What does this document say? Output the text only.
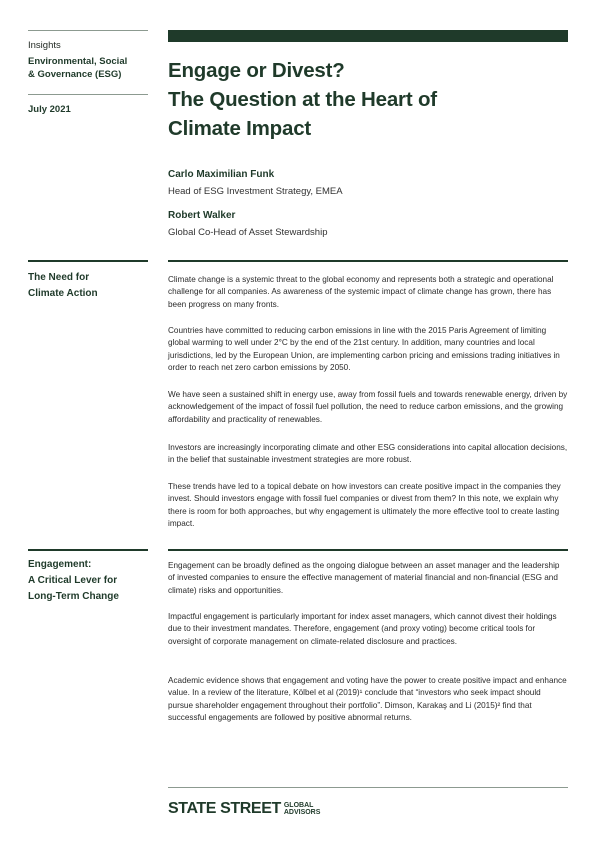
Insights
Environmental, Social
& Governance (ESG)
July 2021
Engage or Divest?
The Question at the Heart of
Climate Impact
Carlo Maximilian Funk
Head of ESG Investment Strategy, EMEA
Robert Walker
Global Co-Head of Asset Stewardship
The Need for
Climate Action

Climate change is a systemic threat to the global economy and represents both a strategic and operational challenge for all companies. As awareness of the systemic impact of climate change has grown, there has been progress on many fronts.

Countries have committed to reducing carbon emissions in line with the 2015 Paris Agreement of limiting global warming to well under 2°C by the end of the 21st century. In addition, many countries and local jurisdictions, led by the European Union, are implementing carbon pricing and emissions trading initiatives in order to reach net zero carbon emissions by 2050.

We have seen a sustained shift in energy use, away from fossil fuels and towards renewable energy, driven by acknowledgement of the impact of fossil fuel pollution, the need to reduce carbon emissions, and the growing affordability and practicality of renewables.

Investors are increasingly incorporating climate and other ESG considerations into capital allocation decisions, in the belief that sustainable investment strategies are more robust.

These trends have led to a topical debate on how investors can create positive impact in the companies they invest. Should investors engage with fossil fuel companies or divest from them? In this note, we explain why there is room for both approaches, but why engagement is ultimately the more effective tool to create lasting impact.

Engagement:
A Critical Lever for
Long-Term Change

Engagement can be broadly defined as the ongoing dialogue between an asset manager and the leadership of invested companies to ensure the effective management of material financial and non-financial (ESG and climate) risks and opportunities.

Impactful engagement is particularly important for index asset managers, which cannot divest their holdings due to their investment mandates. Therefore, engagement (and proxy voting) become critical tools for oversight of corporate management on climate-related disclosure and practices.

Academic evidence shows that engagement and voting have the power to create positive impact and enhance value. In a review of the literature, Kölbel et al (2019)¹ conclude that “investors who seek impact should pursue shareholder engagement throughout their portfolio”. Dimson, Karakaş and Li (2015)² find that successful engagements are followed by positive abnormal returns.

STATE STREET GLOBAL
ADVISORS
